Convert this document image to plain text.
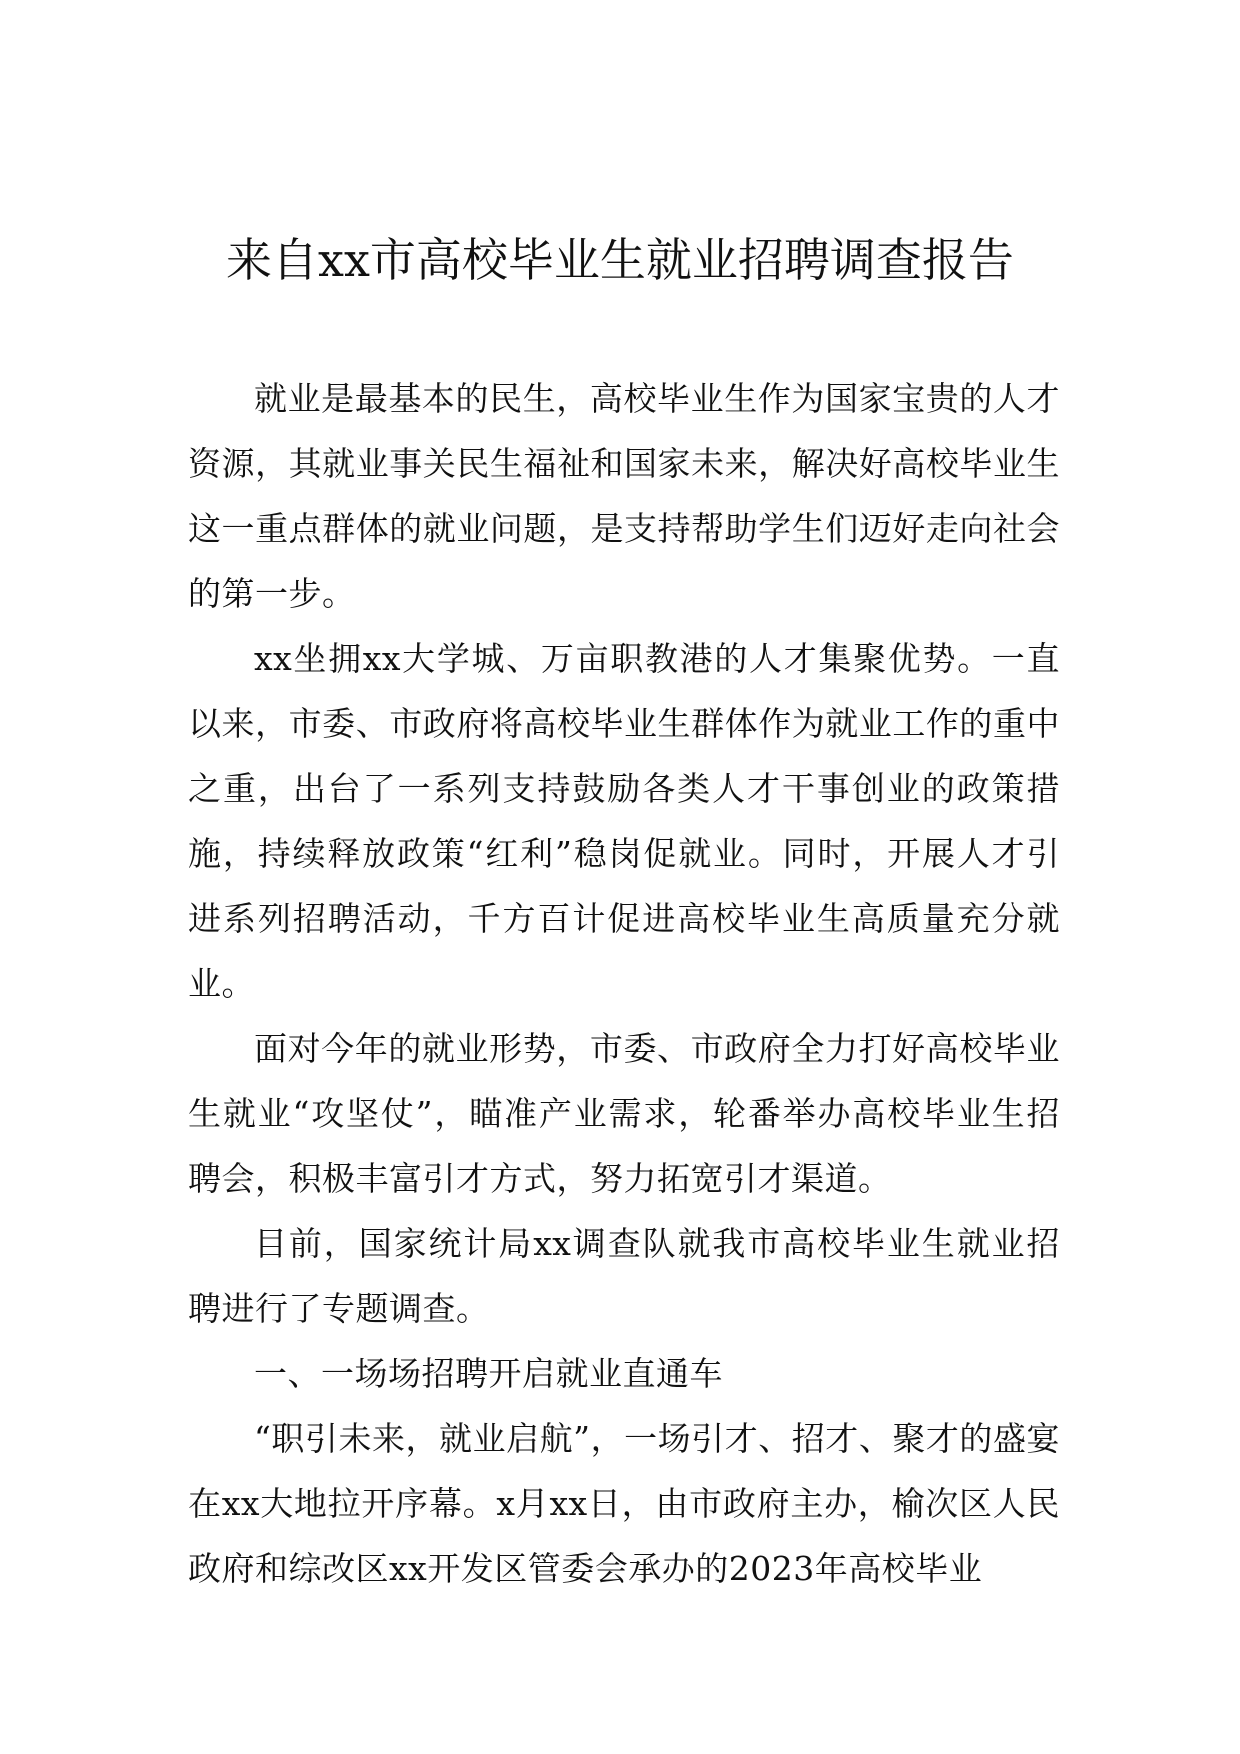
来自xx市高校毕业生就业招聘调查报告

就业是最基本的民生，高校毕业生作为国家宝贵的人才资源，其就业事关民生福祉和国家未来，解决好高校毕业生这一重点群体的就业问题，是支持帮助学生们迈好走向社会的第一步。

xx坐拥xx大学城、万亩职教港的人才集聚优势。一直以来，市委、市政府将高校毕业生群体作为就业工作的重中之重，出台了一系列支持鼓励各类人才干事创业的政策措施，持续释放政策“红利”稳岗促就业。同时，开展人才引进系列招聘活动，千方百计促进高校毕业生高质量充分就业。

面对今年的就业形势，市委、市政府全力打好高校毕业生就业“攻坚仗”，瞄准产业需求，轮番举办高校毕业生招聘会，积极丰富引才方式，努力拓宽引才渠道。

目前，国家统计局xx调查队就我市高校毕业生就业招聘进行了专题调查。

一、一场场招聘开启就业直通车

“职引未来，就业启航”，一场引才、招才、聚才的盛宴在xx大地拉开序幕。x月xx日，由市政府主办，榆次区人民政府和综改区xx开发区管委会承办的2023年高校毕业
